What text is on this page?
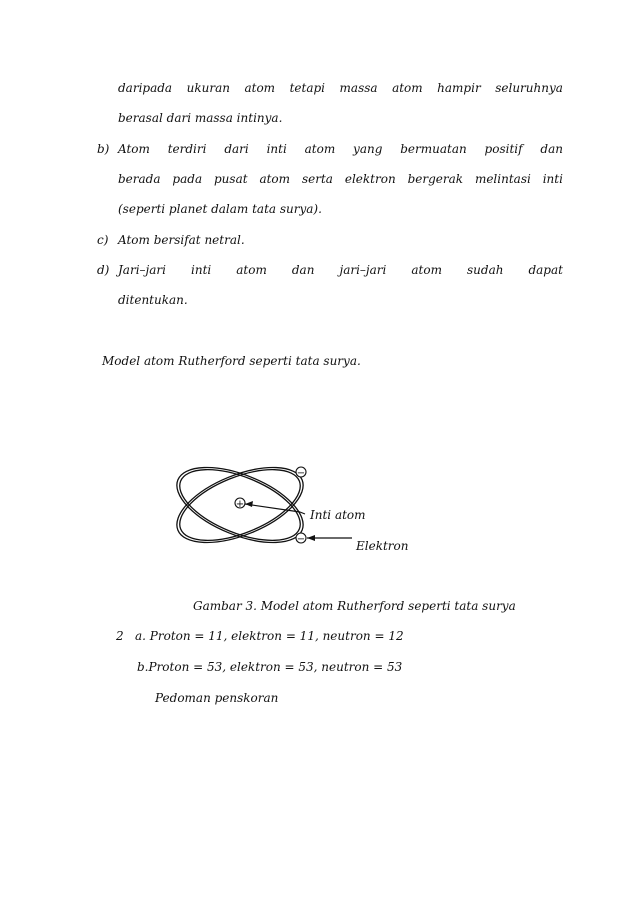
daripada ukuran atom tetapi massa atom hampir seluruhnya
berasal dari massa intinya.
b) Atom terdiri dari inti atom yang bermuatan positif dan
berada pada pusat atom serta elektron bergerak melintasi inti
(seperti planet dalam tata surya).
c) Atom bersifat netral.
d) Jari–jari inti atom dan jari–jari atom sudah dapat
ditentukan.
Model atom Rutherford seperti tata surya.
+
−
−
Inti atom
Elektron
Gambar 3. Model atom Rutherford seperti tata surya
2 a. Proton = 11, elektron = 11, neutron = 12
b.Proton = 53, elektron = 53, neutron = 53
Pedoman penskoran
